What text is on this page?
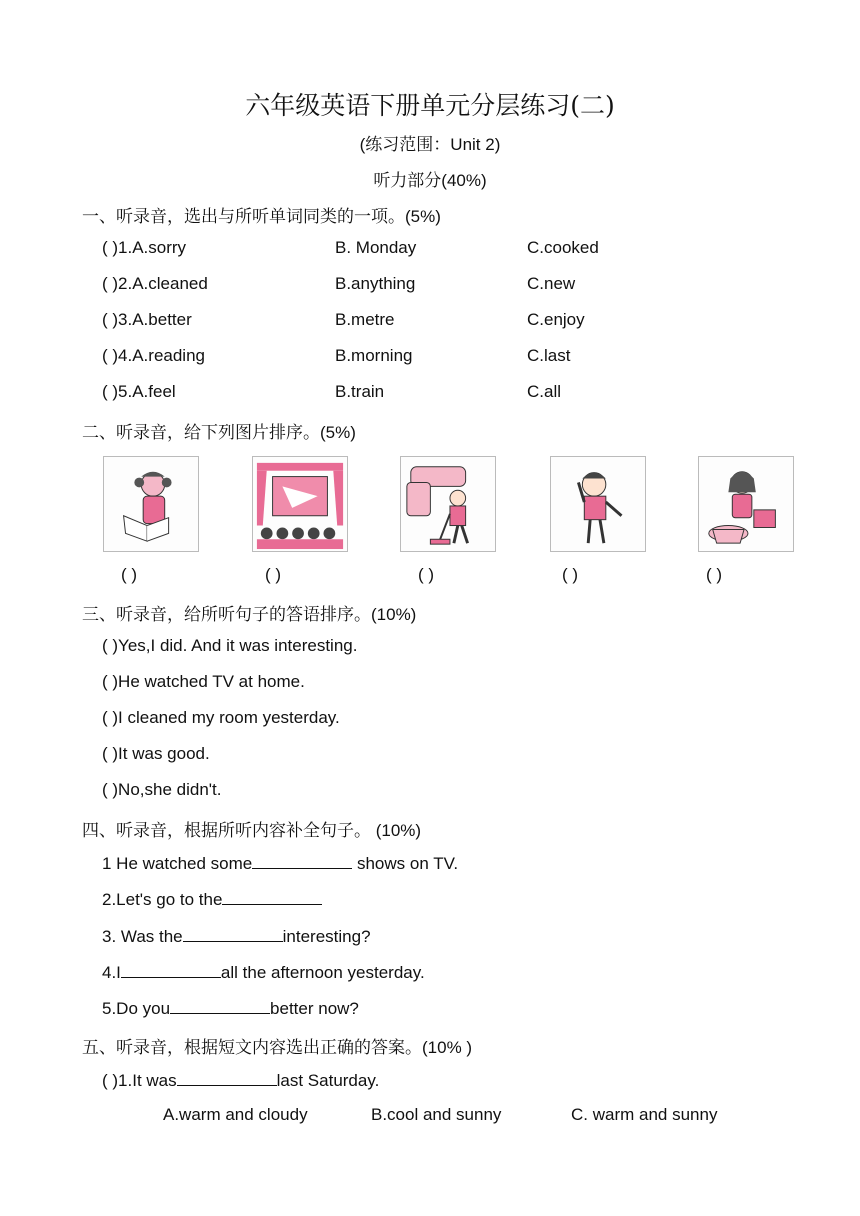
六年级英语下册单元分层练习(二)
(练习范围：Unit 2)
听力部分(40%)
一、听录音，选出与所听单词同类的一项。(5%)
( )1.A.sorry	B. Monday	C.cooked
( )2.A.cleaned	B.anything	C.new
( )3.A.better	B.metre	C.enjoy
( )4.A.reading	B.morning	C.last
( )5.A.feel	B.train	C.all
二、听录音，给下列图片排序。(5%)
( )	( )	( )	( )	( )
三、听录音，给所听句子的答语排序。(10%)
( )Yes,I did. And it was interesting.
( )He watched TV at home.
( )I cleaned my room yesterday.
( )It was good.
( )No,she didn't.
四、听录音，根据所听内容补全句子。 (10%)
1 He watched some	shows on TV.
2.Let's go to the
3. Was the	interesting?
4.I	all the afternoon yesterday.
5.Do you	better now?
五、听录音，根据短文内容选出正确的答案。(10% )
( )1.It was	last Saturday.
A.warm and cloudy	B.cool and sunny	C. warm and sunny
